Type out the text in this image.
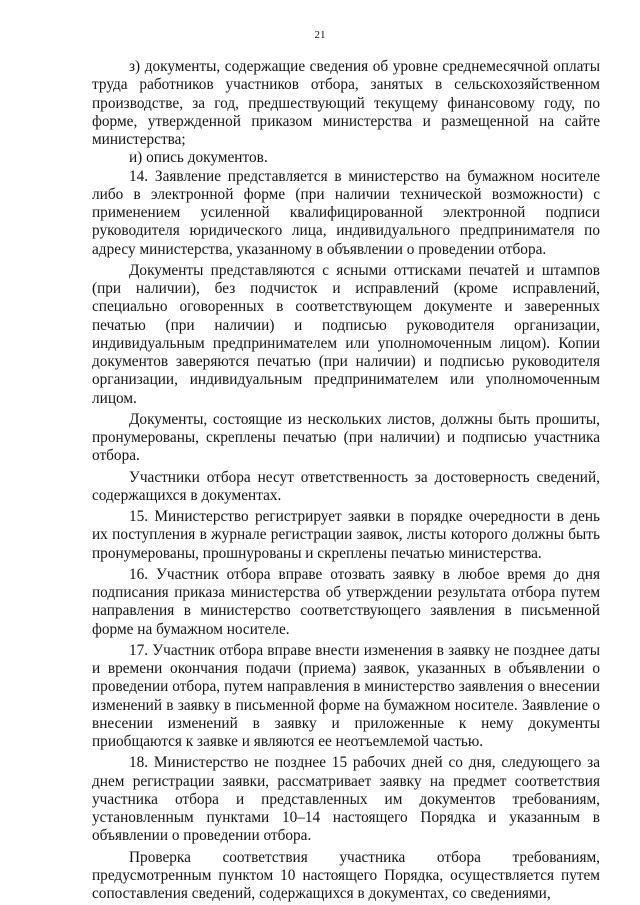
21

з) документы, содержащие сведения об уровне среднемесячной оплаты труда работников участников отбора, занятых в сельскохозяйственном производстве, за год, предшествующий текущему финансовому году, по форме, утвержденной приказом министерства и размещенной на сайте министерства;

и) опись документов.

14. Заявление представляется в министерство на бумажном носителе либо в электронной форме (при наличии технической возможности) с применением усиленной квалифицированной электронной подписи руководителя юридического лица, индивидуального предпринимателя по адресу министерства, указанному в объявлении о проведении отбора.

Документы представляются с ясными оттисками печатей и штампов (при наличии), без подчисток и исправлений (кроме исправлений, специально оговоренных в соответствующем документе и заверенных печатью (при наличии) и подписью руководителя организации, индивидуальным предпринимателем или уполномоченным лицом). Копии документов заверяются печатью (при наличии) и подписью руководителя организации, индивидуальным предпринимателем или уполномоченным лицом.

Документы, состоящие из нескольких листов, должны быть прошиты, пронумерованы, скреплены печатью (при наличии) и подписью участника отбора.

Участники отбора несут ответственность за достоверность сведений, содержащихся в документах.

15. Министерство регистрирует заявки в порядке очередности в день их поступления в журнале регистрации заявок, листы которого должны быть пронумерованы, прошнурованы и скреплены печатью министерства.

16. Участник отбора вправе отозвать заявку в любое время до дня подписания приказа министерства об утверждении результата отбора путем направления в министерство соответствующего заявления в письменной форме на бумажном носителе.

17. Участник отбора вправе внести изменения в заявку не позднее даты и времени окончания подачи (приема) заявок, указанных в объявлении о проведении отбора, путем направления в министерство заявления о внесении изменений в заявку в письменной форме на бумажном носителе. Заявление о внесении изменений в заявку и приложенные к нему документы приобщаются к заявке и являются ее неотъемлемой частью.

18. Министерство не позднее 15 рабочих дней со дня, следующего за днем регистрации заявки, рассматривает заявку на предмет соответствия участника отбора и представленных им документов требованиям, установленным пунктами 10–14 настоящего Порядка и указанным в объявлении о проведении отбора.

Проверка соответствия участника отбора требованиям, предусмотренным пунктом 10 настоящего Порядка, осуществляется путем сопоставления сведений, содержащихся в документах, со сведениями,
